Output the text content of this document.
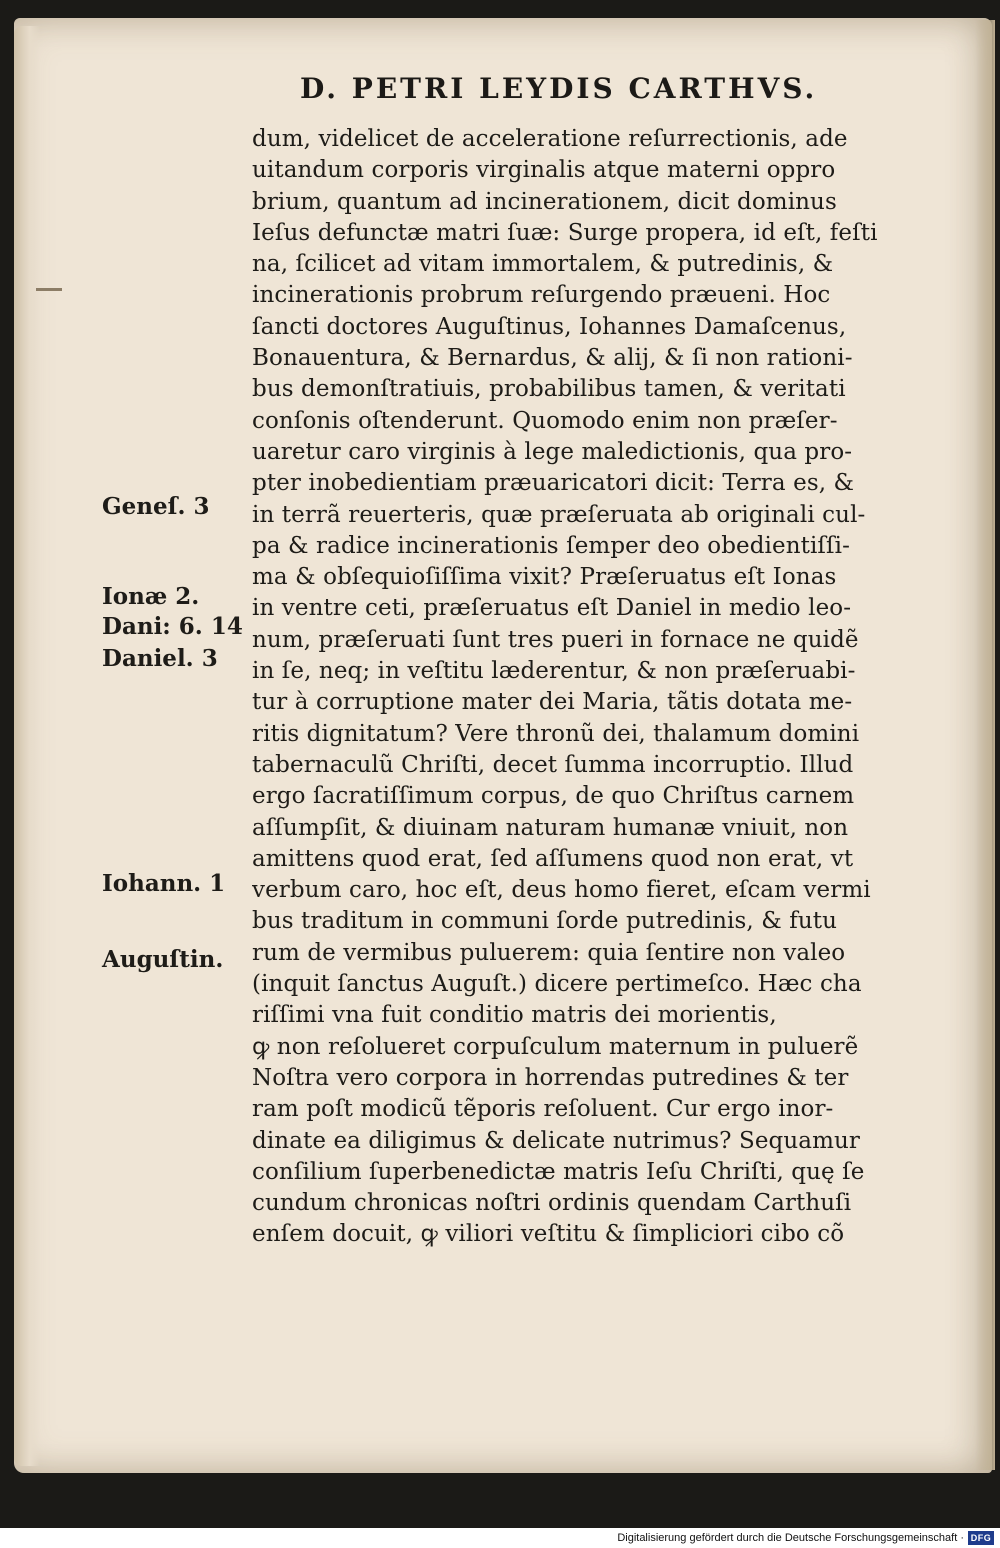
D. PETRI LEYDIS CARTHVS.
dum, videlicet de acceleratione reſurrectionis, ade
uitandum corporis virginalis atque materni oppro
brium, quantum ad incinerationem, dicit dominus
Ieſus defunctæ matri ſuæ: Surge propera, id eſt, feſti
na, ſcilicet ad vitam immortalem, & putredinis, &
incinerationis probrum reſurgendo præueni. Hoc
ſancti doctores Auguſtinus, Iohannes Damaſcenus,
Bonauentura, & Bernardus, & alij, & ſi non rationi-
bus demonſtratiuis, probabilibus tamen, & veritati
conſonis oſtenderunt. Quomodo enim non præſer-
uaretur caro virginis à lege maledictionis, qua pro-
pter inobedientiam præuaricatori dicit: Terra es, &
in terrã reuerteris, quæ præſeruata ab originali cul-
pa & radice incinerationis ſemper deo obedientiſſi-
ma & obſequioſiſſima vixit? Præſeruatus eſt Ionas
in ventre ceti, præſeruatus eſt Daniel in medio leo-
num, præſeruati ſunt tres pueri in fornace ne quidẽ
in ſe, neq; in veſtitu læderentur, & non præſeruabi-
tur à corruptione mater dei Maria, tãtis dotata me-
ritis dignitatum? Vere thronũ dei, thalamum domini
tabernaculũ Chriſti, decet ſumma incorruptio. Illud
ergo ſacratiſſimum corpus, de quo Chriſtus carnem
aſſumpſit, & diuinam naturam humanæ vniuit, non
amittens quod erat, ſed aſſumens quod non erat, vt
verbum caro, hoc eſt, deus homo fieret, eſcam vermi
bus traditum in communi ſorde putredinis, & futu
rum de vermibus puluerem: quia ſentire non valeo
(inquit ſanctus Auguſt.) dicere pertimeſco. Hæc cha
riſſimi vna fuit conditio matris dei morientis,
ꝙ non reſolueret corpuſculum maternum in puluerẽ
Noſtra vero corpora in horrendas putredines & ter
ram poſt modicũ tẽporis reſoluent. Cur ergo inor-
dinate ea diligimus & delicate nutrimus? Sequamur
conſilium ſuperbenedictæ matris Ieſu Chriſti, quę ſe
cundum chronicas noſtri ordinis quendam Carthuſi
enſem docuit, ꝙ viliori veſtitu & ſimpliciori cibo cõ
Geneſ. 3
Ionæ 2.
Dani: 6. 14
Daniel. 3
Iohann. 1
Auguſtin.
Digitalisierung gefördert durch die Deutsche Forschungsgemeinschaft · DFG
